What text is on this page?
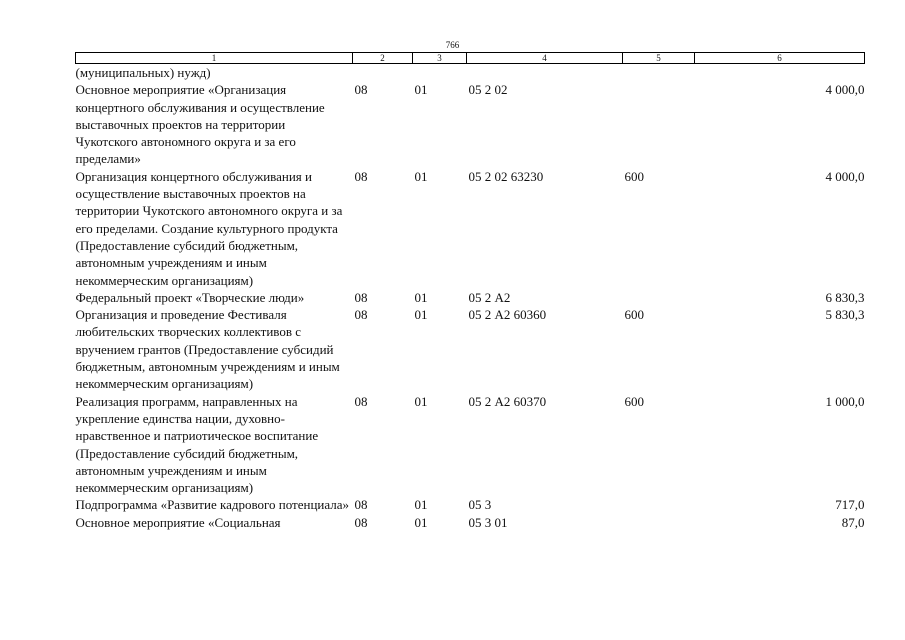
766
1	2	3	4	5	6
(муниципальных) нужд)					
Основное мероприятие «Организация концертного обслуживания и осуществление выставочных проектов на территории Чукотского автономного округа и за его пределами»	08	01	05 2 02		4 000,0
Организация концертного обслуживания и осуществление выставочных проектов на территории Чукотского автономного округа и за его пределами. Создание культурного продукта (Предоставление субсидий бюджетным, автономным учреждениям и иным некоммерческим организациям)	08	01	05 2 02 63230	600	4 000,0
Федеральный проект «Творческие люди»	08	01	05 2 А2		6 830,3
Организация и проведение Фестиваля любительских творческих коллективов с вручением грантов (Предоставление субсидий бюджетным, автономным учреждениям и иным некоммерческим организациям)	08	01	05 2 А2 60360	600	5 830,3
Реализация программ, направленных на укрепление единства нации, духовно-нравственное и патриотическое воспитание (Предоставление субсидий бюджетным, автономным учреждениям и иным некоммерческим организациям)	08	01	05 2 А2 60370	600	1 000,0
Подпрограмма «Развитие кадрового потенциала»	08	01	05 3		717,0
Основное мероприятие «Социальная	08	01	05 3 01		87,0
